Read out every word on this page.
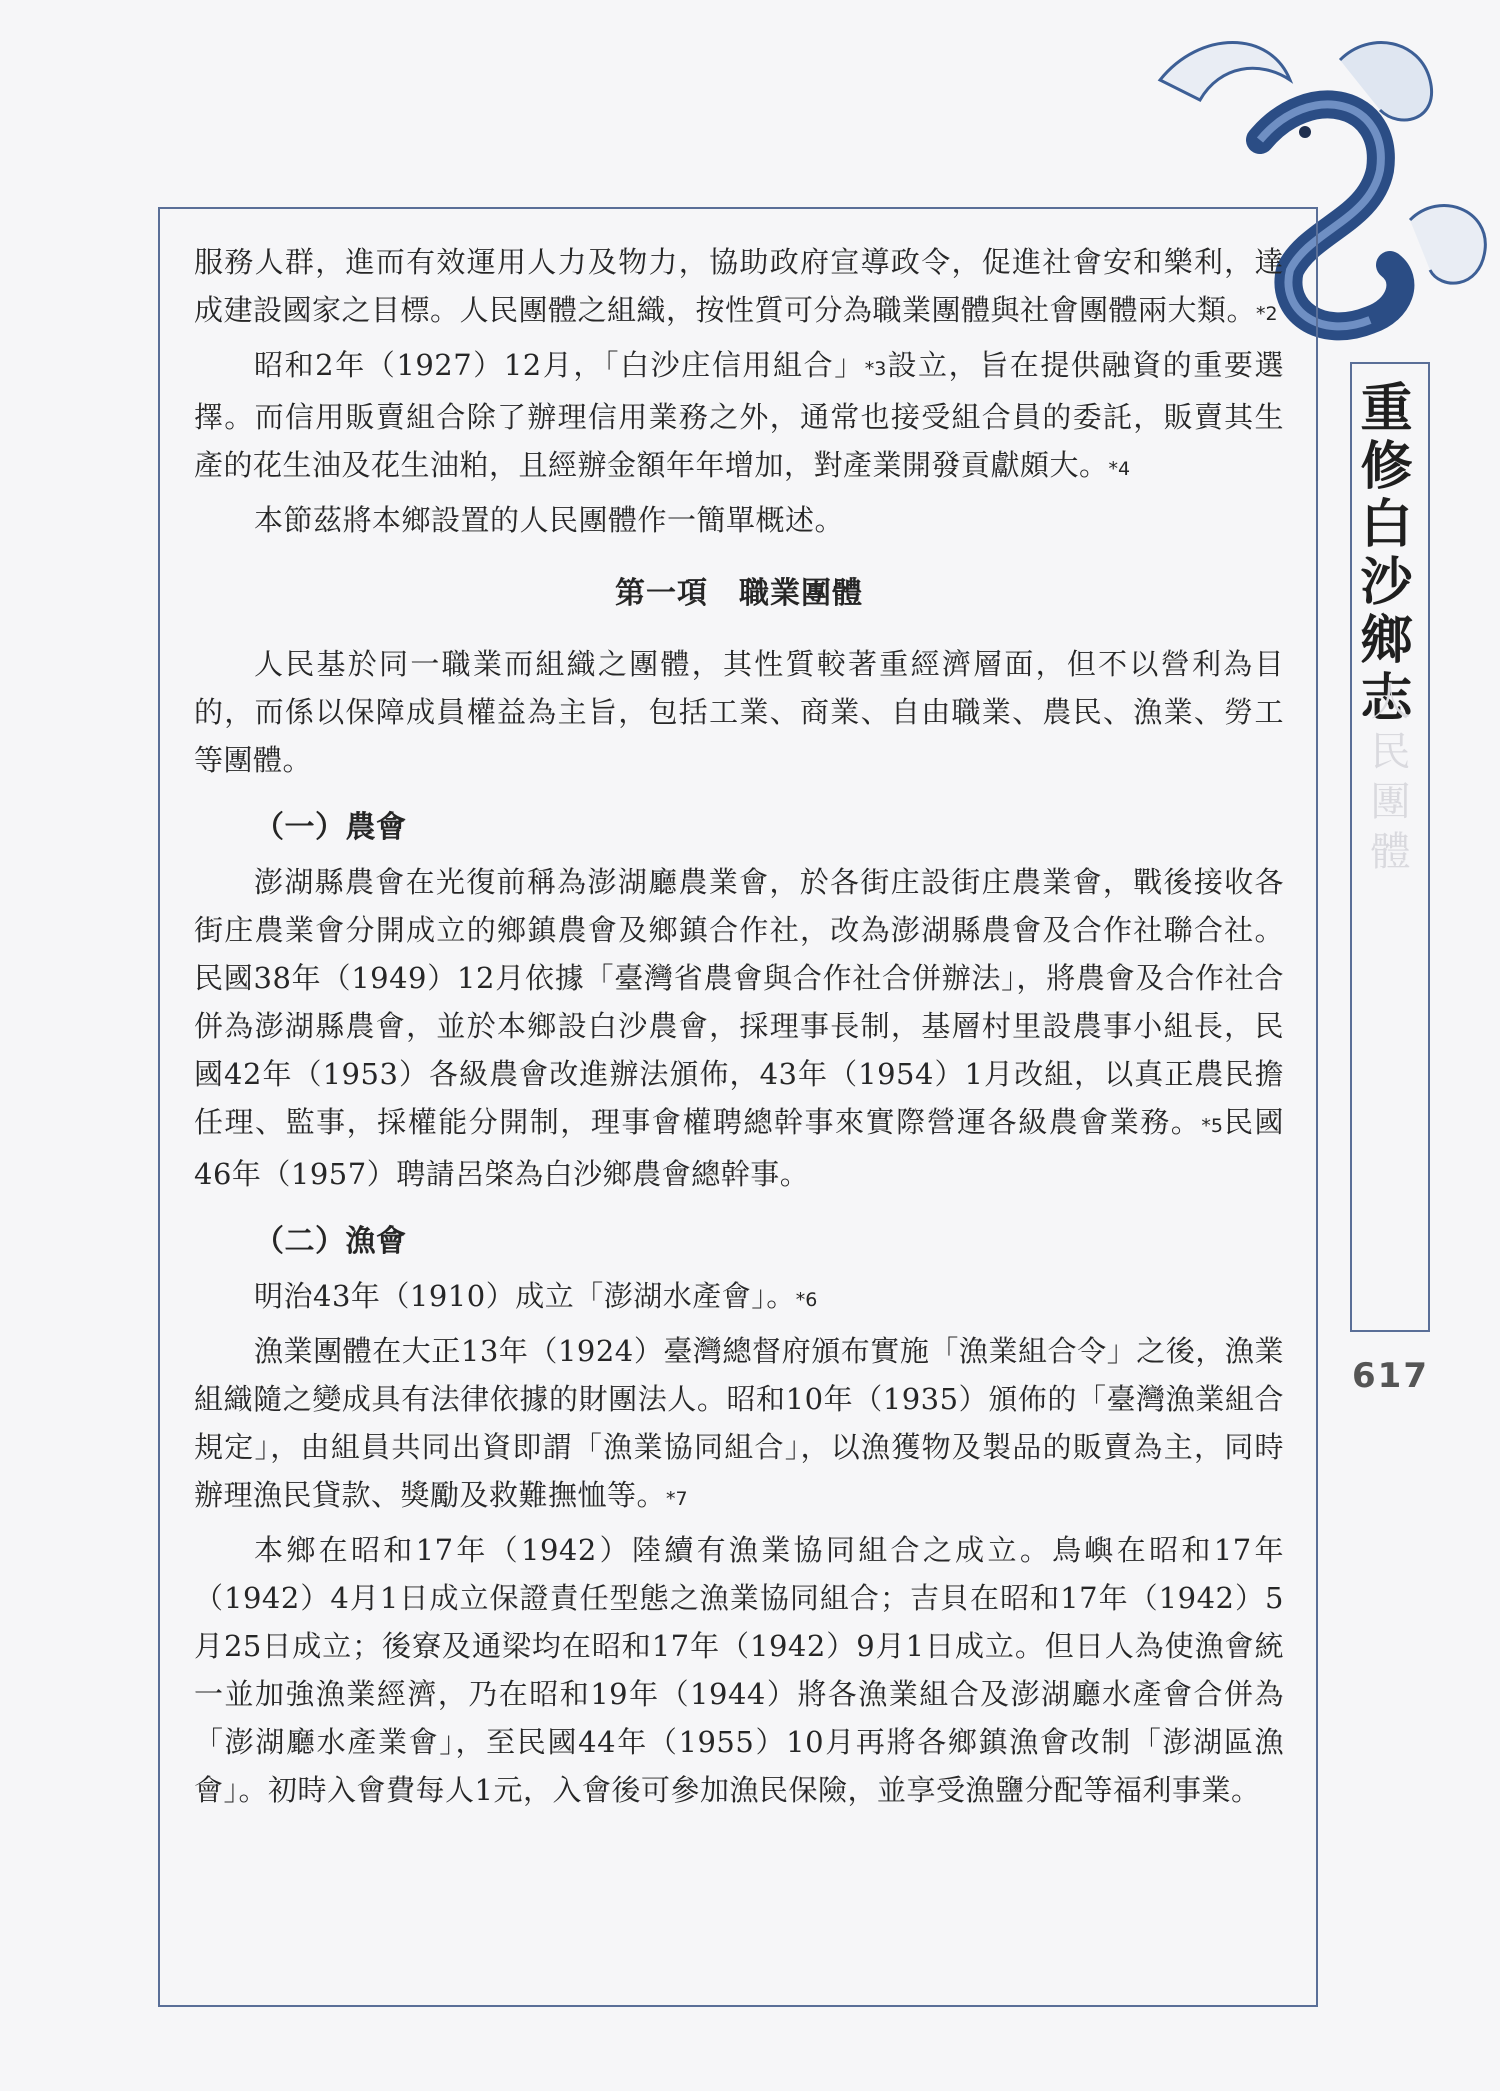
重修白沙鄉志
人民團體
617

服務人群，進而有效運用人力及物力，協助政府宣導政令，促進社會安和樂利，達成建設國家之目標。人民團體之組織，按性質可分為職業團體與社會團體兩大類。*2

昭和2年（1927）12月，「白沙庄信用組合」*3設立，旨在提供融資的重要選擇。而信用販賣組合除了辦理信用業務之外，通常也接受組合員的委託，販賣其生產的花生油及花生油粕，且經辦金額年年增加，對產業開發貢獻頗大。*4

本節茲將本鄉設置的人民團體作一簡單概述。

第一項　職業團體

人民基於同一職業而組織之團體，其性質較著重經濟層面，但不以營利為目的，而係以保障成員權益為主旨，包括工業、商業、自由職業、農民、漁業、勞工等團體。

（一）農會

澎湖縣農會在光復前稱為澎湖廳農業會，於各街庄設街庄農業會，戰後接收各街庄農業會分開成立的鄉鎮農會及鄉鎮合作社，改為澎湖縣農會及合作社聯合社。民國38年（1949）12月依據「臺灣省農會與合作社合併辦法」，將農會及合作社合併為澎湖縣農會，並於本鄉設白沙農會，採理事長制，基層村里設農事小組長，民國42年（1953）各級農會改進辦法頒佈，43年（1954）1月改組，以真正農民擔任理、監事，採權能分開制，理事會權聘總幹事來實際營運各級農會業務。*5民國46年（1957）聘請呂棨為白沙鄉農會總幹事。

（二）漁會

明治43年（1910）成立「澎湖水產會」。*6

漁業團體在大正13年（1924）臺灣總督府頒布實施「漁業組合令」之後，漁業組織隨之變成具有法律依據的財團法人。昭和10年（1935）頒佈的「臺灣漁業組合規定」，由組員共同出資即謂「漁業協同組合」，以漁獲物及製品的販賣為主，同時辦理漁民貸款、獎勵及救難撫恤等。*7

本鄉在昭和17年（1942）陸續有漁業協同組合之成立。鳥嶼在昭和17年（1942）4月1日成立保證責任型態之漁業協同組合；吉貝在昭和17年（1942）5月25日成立；後寮及通梁均在昭和17年（1942）9月1日成立。但日人為使漁會統一並加強漁業經濟，乃在昭和19年（1944）將各漁業組合及澎湖廳水產會合併為「澎湖廳水產業會」，至民國44年（1955）10月再將各鄉鎮漁會改制「澎湖區漁會」。初時入會費每人1元，入會後可參加漁民保險，並享受漁鹽分配等福利事業。
